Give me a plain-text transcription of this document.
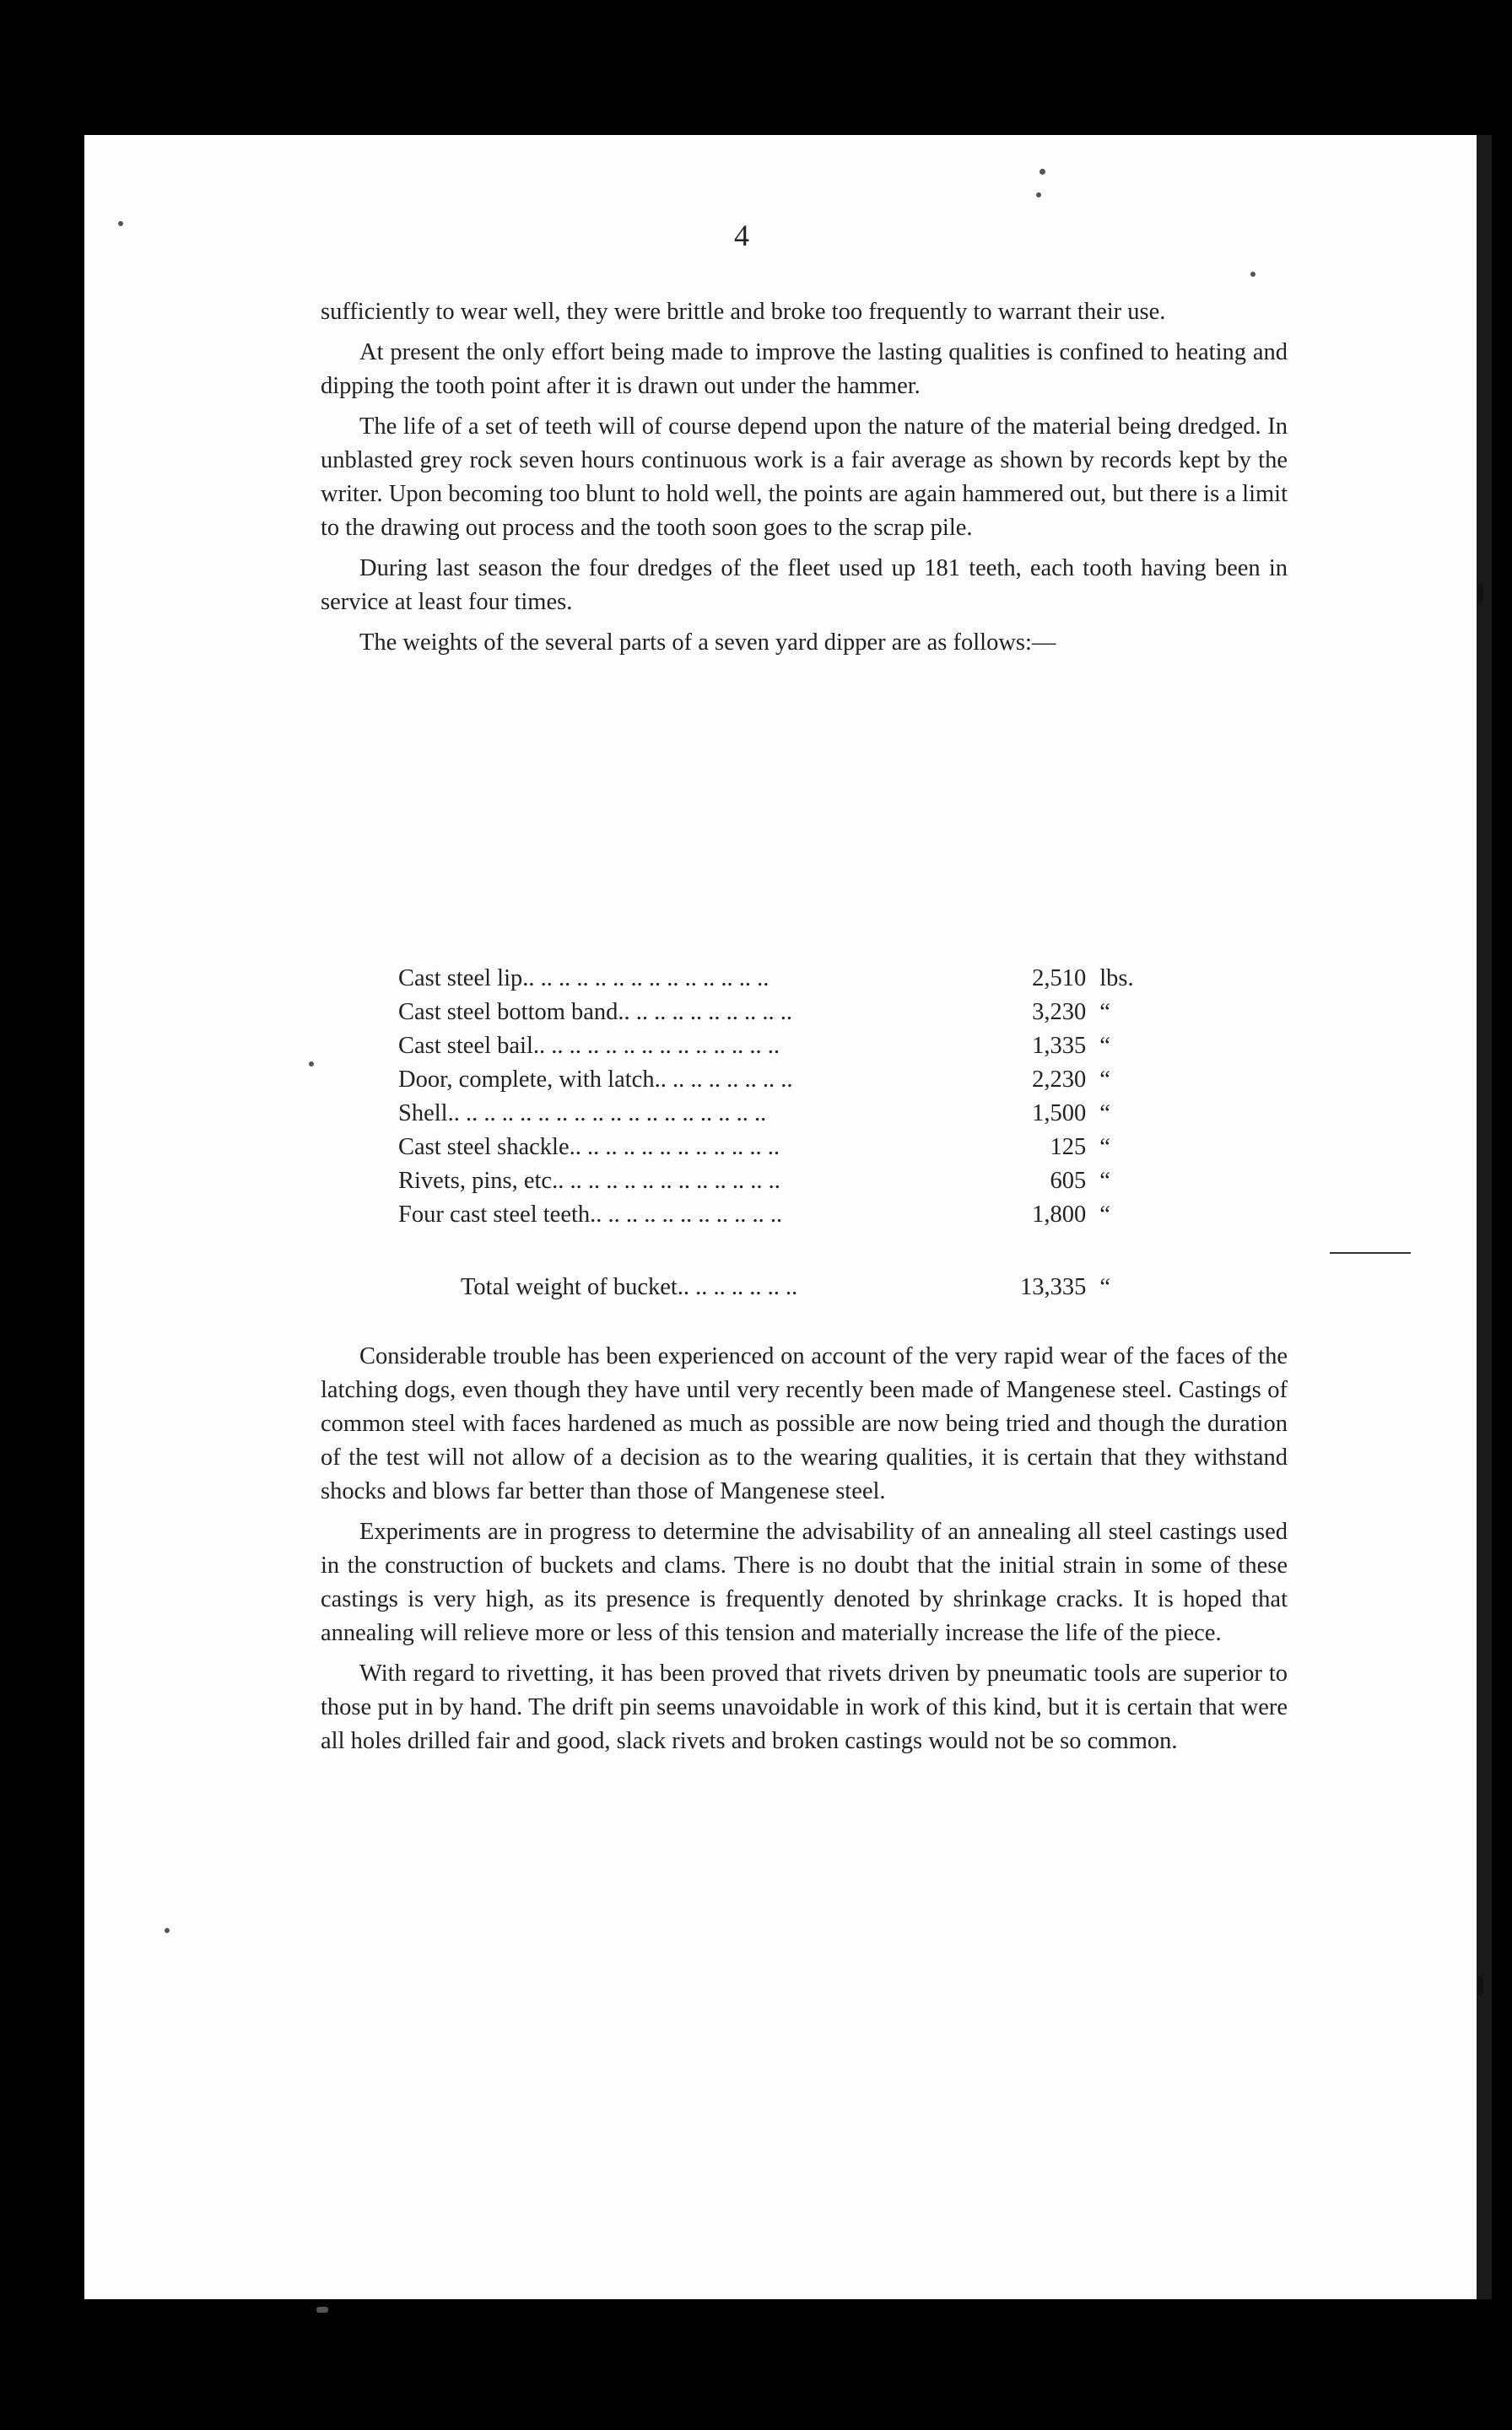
4

sufficiently to wear well, they were brittle and broke too frequently to warrant their use.

At present the only effort being made to improve the lasting qualities is confined to heating and dipping the tooth point after it is drawn out under the hammer.

The life of a set of teeth will of course depend upon the nature of the material being dredged. In unblasted grey rock seven hours continuous work is a fair average as shown by records kept by the writer. Upon becoming too blunt to hold well, the points are again hammered out, but there is a limit to the drawing out process and the tooth soon goes to the scrap pile.

During last season the four dredges of the fleet used up 181 teeth, each tooth having been in service at least four times.

The weights of the several parts of a seven yard dipper are as follows:—

Cast steel lip.. .. .. .. .. .. .. .. .. .. .. .. .. ..	2,510 lbs.
Cast steel bottom band.. .. .. .. .. .. .. .. .. ..	3,230 “
Cast steel bail.. .. .. .. .. .. .. .. .. .. .. .. .. ..	1,335 “
Door, complete, with latch.. .. .. .. .. .. .. ..	2,230 “
Shell.. .. .. .. .. .. .. .. .. .. .. .. .. .. .. .. .. ..	1,500 “
Cast steel shackle.. .. .. .. .. .. .. .. .. .. .. ..	125 “
Rivets, pins, etc.. .. .. .. .. .. .. .. .. .. .. .. ..	605 “
Four cast steel teeth.. .. .. .. .. .. .. .. .. .. ..	1,800 “
Total weight of bucket.. .. .. .. .. .. ..	13,335 “

Considerable trouble has been experienced on account of the very rapid wear of the faces of the latching dogs, even though they have until very recently been made of Mangenese steel. Castings of common steel with faces hardened as much as possible are now being tried and though the duration of the test will not allow of a decision as to the wearing qualities, it is certain that they withstand shocks and blows far better than those of Mangenese steel.

Experiments are in progress to determine the advisability of an annealing all steel castings used in the construction of buckets and clams. There is no doubt that the initial strain in some of these castings is very high, as its presence is frequently denoted by shrinkage cracks. It is hoped that annealing will relieve more or less of this tension and materially increase the life of the piece.

With regard to rivetting, it has been proved that rivets driven by pneumatic tools are superior to those put in by hand. The drift pin seems unavoidable in work of this kind, but it is certain that were all holes drilled fair and good, slack rivets and broken castings would not be so common.
